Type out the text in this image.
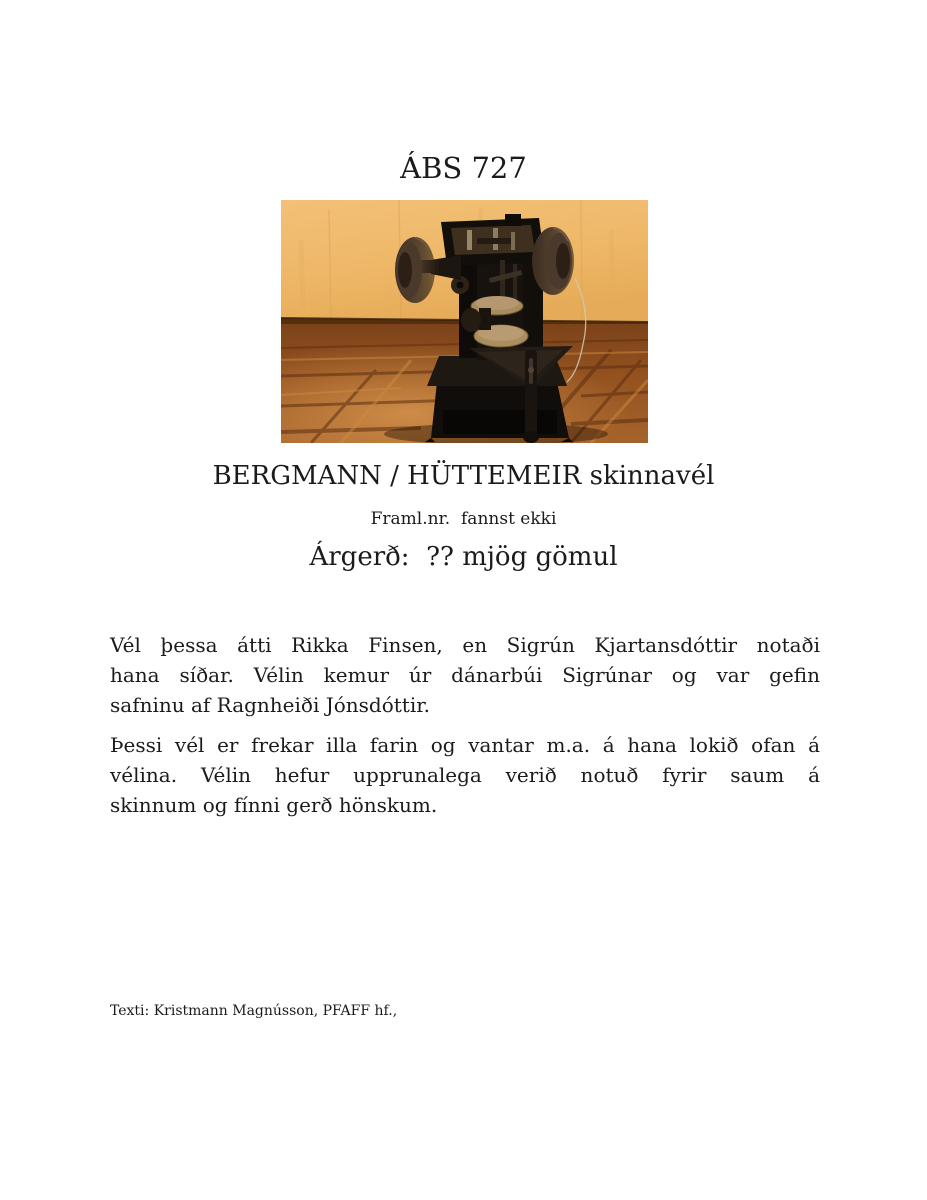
ÁBS 727
BERGMANN / HÜTTEMEIR skinnavél
Framl.nr.  fannst ekki
Árgerð:  ?? mjög gömul
Vél þessa átti Rikka Finsen, en Sigrún Kjartansdóttir notaði
hana síðar. Vélin kemur úr dánarbúi Sigrúnar og var gefin
safninu af Ragnheiði Jónsdóttir.
Þessi vél er frekar illa farin og vantar m.a. á hana lokið ofan á
vélina. Vélin hefur upprunalega verið notuð fyrir saum á
skinnum og fínni gerð hönskum.
Texti: Kristmann Magnússon, PFAFF hf.,
